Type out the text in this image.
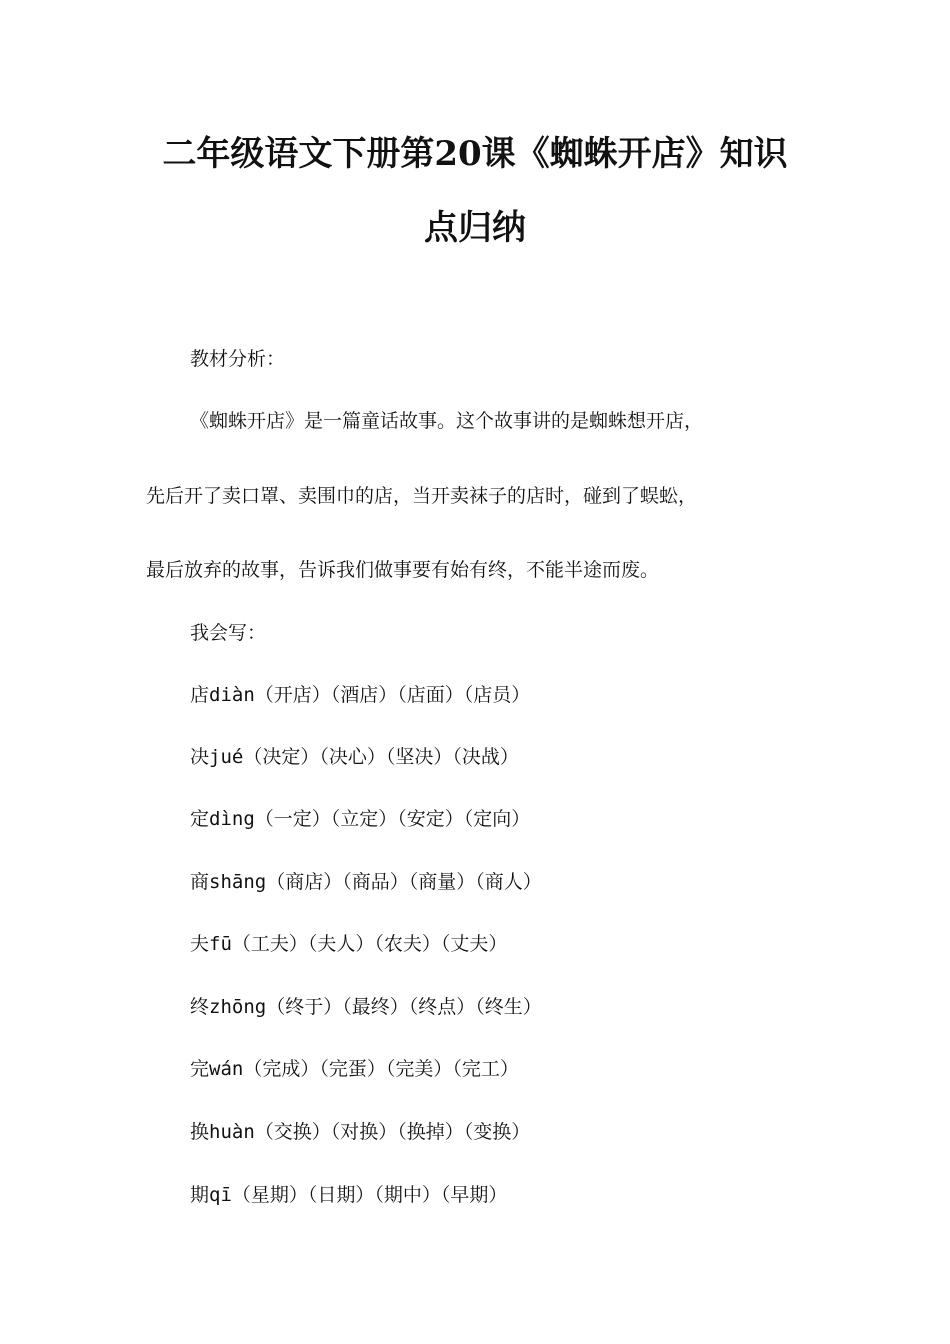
二年级语文下册第20课《蜘蛛开店》知识
点归纳

教材分析：

《蜘蛛开店》是一篇童话故事。这个故事讲的是蜘蛛想开店，

先后开了卖口罩、卖围巾的店，当开卖袜子的店时，碰到了蜈蚣，

最后放弃的故事，告诉我们做事要有始有终，不能半途而废。

我会写：

店diàn（开店）（酒店）（店面）（店员）

决jué（决定）（决心）（坚决）（决战）

定dìng（一定）（立定）（安定）（定向）

商shāng（商店）（商品）（商量）（商人）

夫fū（工夫）（夫人）（农夫）（丈夫）

终zhōng（终于）（最终）（终点）（终生）

完wán（完成）（完蛋）（完美）（完工）

换huàn（交换）（对换）（换掉）（变换）

期qī（星期）（日期）（期中）（早期）
